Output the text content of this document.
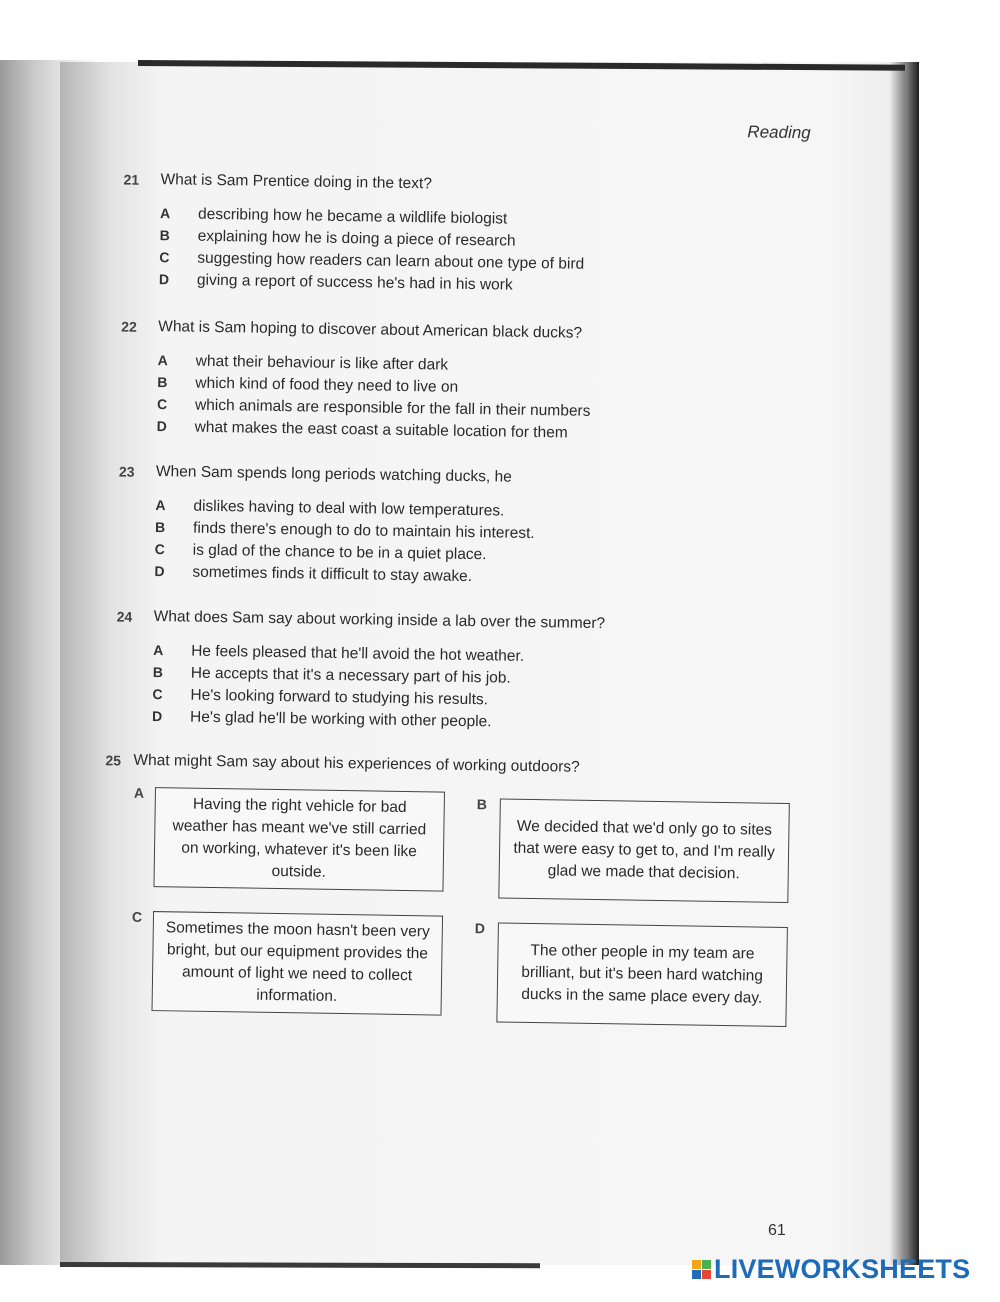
Reading
21 What is Sam Prentice doing in the text?
A describing how he became a wildlife biologist
B explaining how he is doing a piece of research
C suggesting how readers can learn about one type of bird
D giving a report of success he's had in his work
22 What is Sam hoping to discover about American black ducks?
A what their behaviour is like after dark
B which kind of food they need to live on
C which animals are responsible for the fall in their numbers
D what makes the east coast a suitable location for them
23 When Sam spends long periods watching ducks, he
A dislikes having to deal with low temperatures.
B finds there's enough to do to maintain his interest.
C is glad of the chance to be in a quiet place.
D sometimes finds it difficult to stay awake.
24 What does Sam say about working inside a lab over the summer?
A He feels pleased that he'll avoid the hot weather.
B He accepts that it's a necessary part of his job.
C He's looking forward to studying his results.
D He's glad he'll be working with other people.
25 What might Sam say about his experiences of working outdoors?
A
Having the right vehicle for bad weather has meant we've still carried on working, whatever it's been like outside.
B
We decided that we'd only go to sites that were easy to get to, and I'm really glad we made that decision.
C
Sometimes the moon hasn't been very bright, but our equipment provides the amount of light we need to collect information.
D
The other people in my team are brilliant, but it's been hard watching ducks in the same place every day.
61
LIVEWORKSHEETS
